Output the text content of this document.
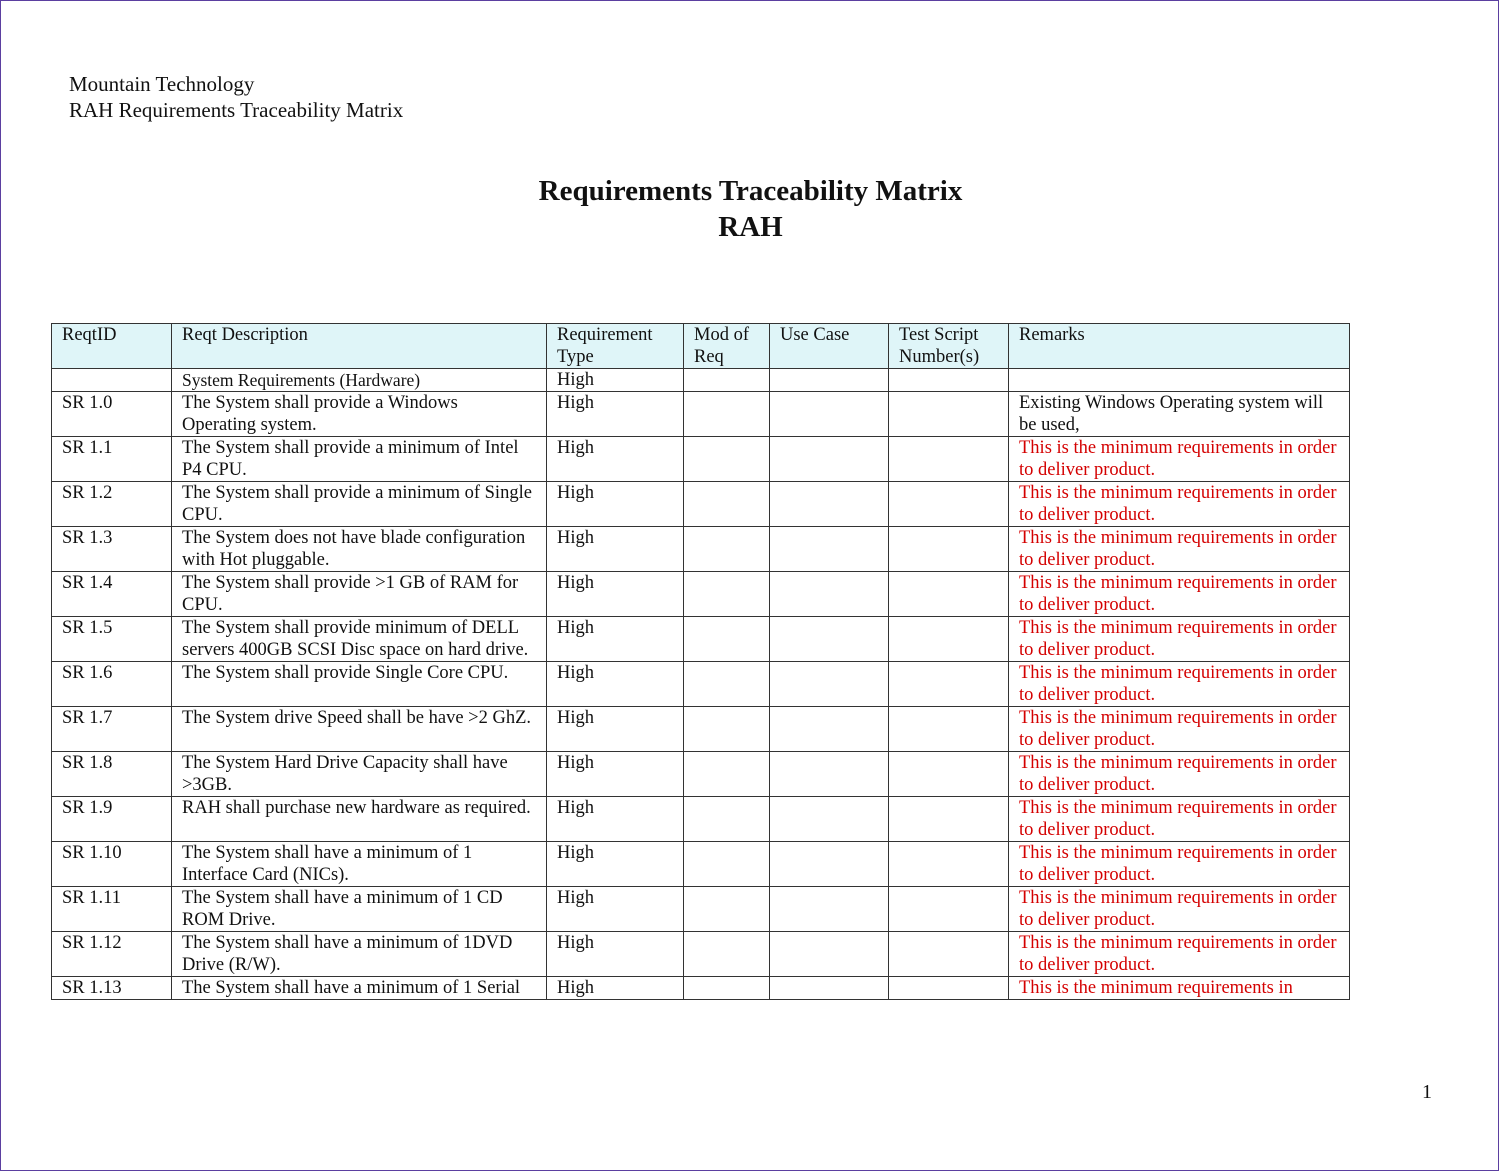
Mountain Technology
RAH Requirements Traceability Matrix
Requirements Traceability Matrix
RAH
ReqtID	Reqt Description	Requirement Type	Mod of Req	Use Case	Test Script Number(s)	Remarks
	System Requirements (Hardware)	High				
SR 1.0	The System shall provide a Windows Operating system.	High				Existing Windows Operating system will be used,
SR 1.1	The System shall provide a minimum of Intel P4 CPU.	High				This is the minimum requirements in order to deliver product.
SR 1.2	The System shall provide a minimum of Single CPU.	High				This is the minimum requirements in order to deliver product.
SR 1.3	The System does not have blade configuration with Hot pluggable.	High				This is the minimum requirements in order to deliver product.
SR 1.4	The System shall provide >1 GB of RAM for CPU.	High				This is the minimum requirements in order to deliver product.
SR 1.5	The System shall provide minimum of DELL servers 400GB SCSI Disc space on hard drive.	High				This is the minimum requirements in order to deliver product.
SR 1.6	The System shall provide Single Core CPU.	High				This is the minimum requirements in order to deliver product.
SR 1.7	The System drive Speed shall be have >2 GhZ.	High				This is the minimum requirements in order to deliver product.
SR 1.8	The System Hard Drive Capacity shall have >3GB.	High				This is the minimum requirements in order to deliver product.
SR 1.9	RAH shall purchase new hardware as required.	High				This is the minimum requirements in order to deliver product.
SR 1.10	The System shall have a minimum of 1 Interface Card (NICs).	High				This is the minimum requirements in order to deliver product.
SR 1.11	The System shall have a minimum of 1 CD ROM Drive.	High				This is the minimum requirements in order to deliver product.
SR 1.12	The System shall have a minimum of 1DVD Drive (R/W).	High				This is the minimum requirements in order to deliver product.
SR 1.13	The System shall have a minimum of 1 Serial	High				This is the minimum requirements in
1
